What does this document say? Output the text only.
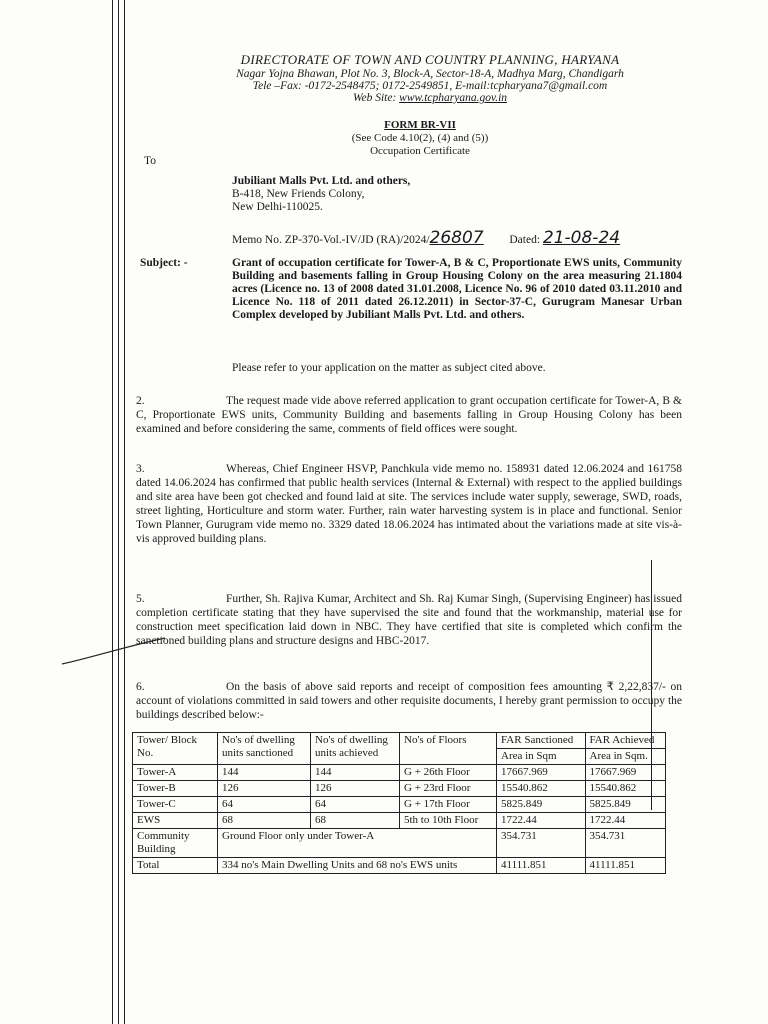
DIRECTORATE OF TOWN AND COUNTRY PLANNING, HARYANA
Nagar Yojna Bhawan, Plot No. 3, Block-A, Sector-18-A, Madhya Marg, Chandigarh
Tele –Fax: -0172-2548475; 0172-2549851, E-mail:tcpharyana7@gmail.com
Web Site: www.tcpharyana.gov.in
FORM BR-VII
(See Code 4.10(2), (4) and (5))
Occupation Certificate
To
Jubiliant Malls Pvt. Ltd. and others,
B-418, New Friends Colony,
New Delhi-110025.
Memo No. ZP-370-Vol.-IV/JD (RA)/2024/26807 Dated: 21-08-24
Subject: -	Grant of occupation certificate for Tower-A, B & C, Proportionate EWS units, Community Building and basements falling in Group Housing Colony on the area measuring 21.1804 acres (Licence no. 13 of 2008 dated 31.01.2008, Licence No. 96 of 2010 dated 03.11.2010 and Licence No. 118 of 2011 dated 26.12.2011) in Sector-37-C, Gurugram Manesar Urban Complex developed by Jubiliant Malls Pvt. Ltd. and others.
Please refer to your application on the matter as subject cited above.
2.	The request made vide above referred application to grant occupation certificate for Tower-A, B & C, Proportionate EWS units, Community Building and basements falling in Group Housing Colony has been examined and before considering the same, comments of field offices were sought.
3.	Whereas, Chief Engineer HSVP, Panchkula vide memo no. 158931 dated 12.06.2024 and 161758 dated 14.06.2024 has confirmed that public health services (Internal & External) with respect to the applied buildings and site area have been got checked and found laid at site. The services include water supply, sewerage, SWD, roads, street lighting, Horticulture and storm water. Further, rain water harvesting system is in place and functional. Senior Town Planner, Gurugram vide memo no. 3329 dated 18.06.2024 has intimated about the variations made at site vis-à-vis approved building plans.
5.	Further, Sh. Rajiva Kumar, Architect and Sh. Raj Kumar Singh, (Supervising Engineer) has issued completion certificate stating that they have supervised the site and found that the workmanship, material use for construction meet specification laid down in NBC. They have certified that site is completed which confirm the sanctioned building plans and structure designs and HBC-2017.
6.	On the basis of above said reports and receipt of composition fees amounting ₹ 2,22,837/- on account of violations committed in said towers and other requisite documents, I hereby grant permission to occupy the buildings described below:-
Tower/ Block No.	No's of dwelling units sanctioned	No's of dwelling units achieved	No's of Floors	FAR Sanctioned	FAR Achieved
				Area in Sqm	Area in Sqm.
Tower-A	144	144	G + 26th Floor	17667.969	17667.969
Tower-B	126	126	G + 23rd Floor	15540.862	15540.862
Tower-C	64	64	G + 17th Floor	5825.849	5825.849
EWS	68	68	5th to 10th Floor	1722.44	1722.44
Community Building	Ground Floor only under Tower-A			354.731	354.731
Total	334 no's Main Dwelling Units and 68 no's EWS units			41111.851	41111.851
